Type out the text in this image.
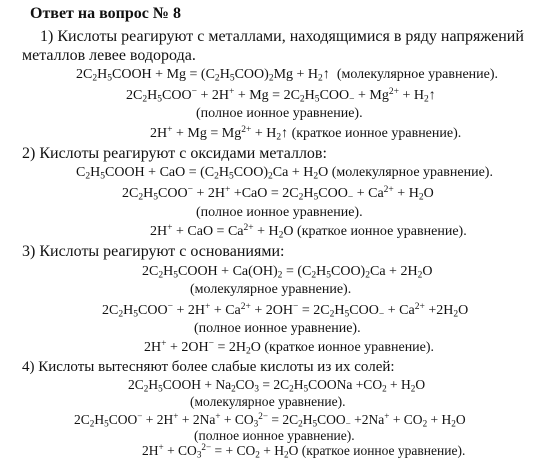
Ответ на вопрос № 8
1) Кислоты реагируют с металлами, находящимися в ряду напряжений
металлов левее водорода.
$2C_2H_5COOH + Mg = (C_2H_5COO)_2Mg$ + $H_2↑$  (молекулярное уравнение).
$2C_2H_5COO^- + 2H^+ + Mg = 2C_2H_5COO_- + Mg^{2+}$ + $H_2↑$
(полное ионное уравнение).
$2H^+ + Mg = Mg^{2+}$ + $H_2↑$ (краткое ионное уравнение).
2) Кислоты реагируют с оксидами металлов:
$C_2H_5COOH$ + CaO = $(C_2H_5COO)_2Ca + H_2O$ (молекулярное уравнение).
$2C_2H_5COO^- + 2H^+ +CaO = 2C_2H_5COO_- + Ca^{2+} + H_2O$
(полное ионное уравнение).
2H+ + CaO = $Ca^{2+} + H_2O$ (краткое ионное уравнение).
3) Кислоты реагируют с основаниями:
$2C_2H_5COOH + Ca(OH)_2 = (C_2H_5COO)_2Ca + 2H_2O$
(молекулярное уравнение).
$2C_2H_5COO^- + 2H^+ + Ca^{2+} + 2OH^- = 2C_2H_5COO_- + Ca^{2+} +2H_2O$
(полное ионное уравнение).
$2H^+ + 2OH^- = 2H_2O$ (краткое ионное уравнение).
4) Кислоты вытесняют более слабые кислоты из их солей:
$2C_2H_5COOH + Na_2CO_3$ = $2C_2H_5COONa +CO_2 + H_2O$
(молекулярное уравнение).
$2C_2H_5COO^- + 2H^+ + 2Na^+ + CO_3^{2-} = 2C_2H_5COO_- +2Na^+ + CO_2 + H_2O$
(полное ионное уравнение).
$2H^+ + CO_3^{2-}$ = + $CO_2 + H_2O$ (краткое ионное уравнение).
